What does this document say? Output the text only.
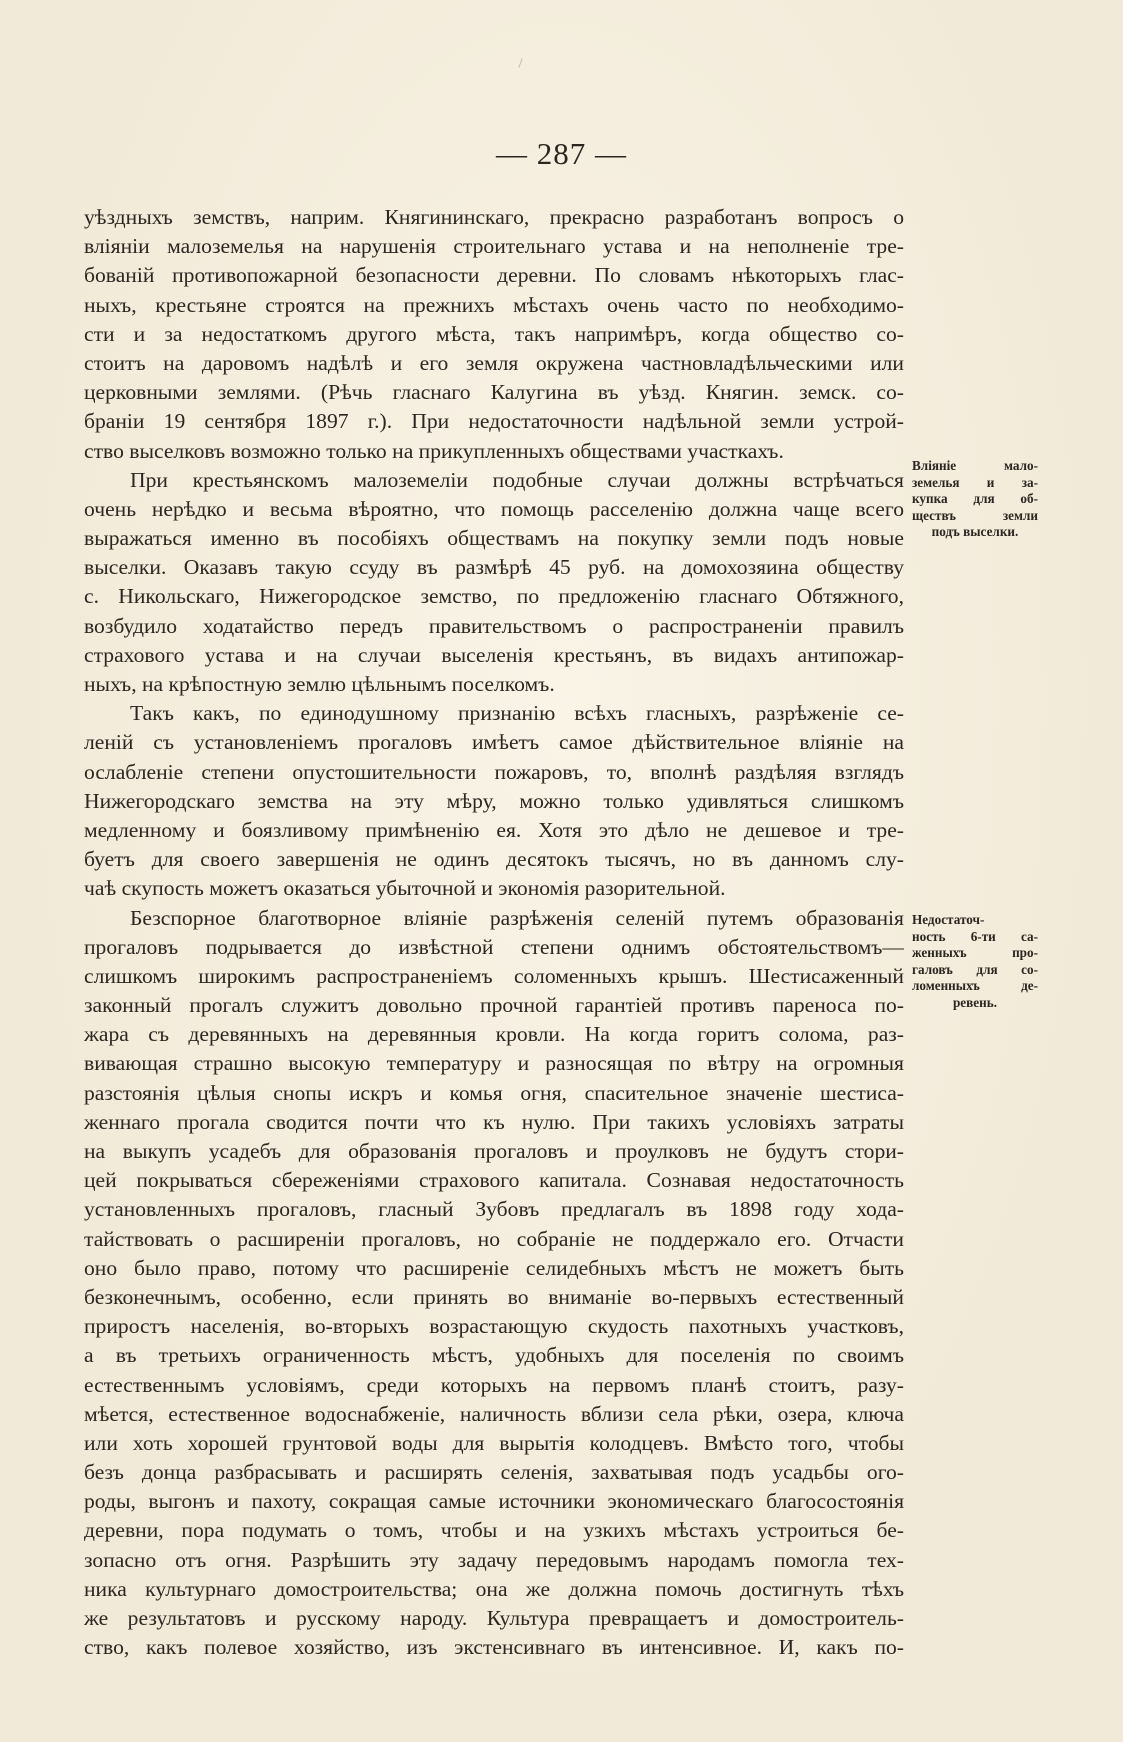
— 287 —
уѣздныхъ земствъ, наприм. Княгининскаго, прекрасно разработанъ вопросъ о
вліяніи малоземелья на нарушенія строительнаго устава и на неполненіе тре-
бованій противопожарной безопасности деревни. По словамъ нѣкоторыхъ глас-
ныхъ, крестьяне строятся на прежнихъ мѣстахъ очень часто по необходимо-
сти и за недостаткомъ другого мѣста, такъ напримѣръ, когда общество со-
стоитъ на даровомъ надѣлѣ и его земля окружена частновладѣльческими или
церковными землями. (Рѣчь гласнаго Калугина въ уѣзд. Княгин. земск. со-
браніи 19 сентября 1897 г.). При недостаточности надѣльной земли устрой-
ство выселковъ возможно только на прикупленныхъ обществами участкахъ.
При крестьянскомъ малоземеліи подобные случаи должны встрѣчаться
очень нерѣдко и весьма вѣроятно, что помощь расселенію должна чаще всего
выражаться именно въ пособіяхъ обществамъ на покупку земли подъ новые
выселки. Оказавъ такую ссуду въ размѣрѣ 45 руб. на домохозяина обществу
с. Никольскаго, Нижегородское земство, по предложенію гласнаго Обтяжного,
возбудило ходатайство передъ правительствомъ о распространеніи правилъ
страхового устава и на случаи выселенія крестьянъ, въ видахъ антипожар-
ныхъ, на крѣпостную землю цѣльнымъ поселкомъ.
Такъ какъ, по единодушному признанію всѣхъ гласныхъ, разрѣженіе се-
леній съ установленіемъ прогаловъ имѣетъ самое дѣйствительное вліяніе на
ослабленіе степени опустошительности пожаровъ, то, вполнѣ раздѣляя взглядъ
Нижегородскаго земства на эту мѣру, можно только удивляться слишкомъ
медленному и боязливому примѣненію ея. Хотя это дѣло не дешевое и тре-
буетъ для своего завершенія не одинъ десятокъ тысячъ, но въ данномъ слу-
чаѣ скупость можетъ оказаться убыточной и экономія разорительной.
Безспорное благотворное вліяніе разрѣженія селеній путемъ образованія
прогаловъ подрывается до извѣстной степени однимъ обстоятельствомъ—
слишкомъ широкимъ распространеніемъ соломенныхъ крышъ. Шестисаженный
законный прогалъ служитъ довольно прочной гарантіей противъ пареноса по-
жара съ деревянныхъ на деревянныя кровли. На когда горитъ солома, раз-
вивающая страшно высокую температуру и разносящая по вѣтру на огромныя
разстоянія цѣлыя снопы искръ и комья огня, спасительное значеніе шестиса-
женнаго прогала сводится почти что къ нулю. При такихъ условіяхъ затраты
на выкупъ усадебъ для образованія прогаловъ и проулковъ не будутъ стори-
цей покрываться сбереженіями страхового капитала. Сознавая недостаточность
установленныхъ прогаловъ, гласный Зубовъ предлагалъ въ 1898 году хода-
тайствовать о расширеніи прогаловъ, но собраніе не поддержало его. Отчасти
оно было право, потому что расширеніе селидебныхъ мѣстъ не можетъ быть
безконечнымъ, особенно, если принять во вниманіе во-первыхъ естественный
приростъ населенія, во-вторыхъ возрастающую скудость пахотныхъ участковъ,
а въ третьихъ ограниченность мѣстъ, удобныхъ для поселенія по своимъ
естественнымъ условіямъ, среди которыхъ на первомъ планѣ стоитъ, разу-
мѣется, естественное водоснабженіе, наличность вблизи села рѣки, озера, ключа
или хоть хорошей грунтовой воды для вырытія колодцевъ. Вмѣсто того, чтобы
безъ донца разбрасывать и расширять селенія, захватывая подъ усадьбы ого-
роды, выгонъ и пахоту, сокращая самые источники экономическаго благосостоянія
деревни, пора подумать о томъ, чтобы и на узкихъ мѣстахъ устроиться бе-
зопасно отъ огня. Разрѣшить эту задачу передовымъ народамъ помогла тех-
ника культурнаго домостроительства; она же должна помочь достигнуть тѣхъ
же результатовъ и русскому народу. Культура превращаетъ и домостроитель-
ство, какъ полевое хозяйство, изъ экстенсивнаго въ интенсивное. И, какъ по-
Вліяніе мало-
земелья и за-
купка для об-
ществъ земли
подъ выселки.
Недостаточ-
ность 6-ти са-
женныхъ про-
галовъ для со-
ломенныхъ де-
ревень.
